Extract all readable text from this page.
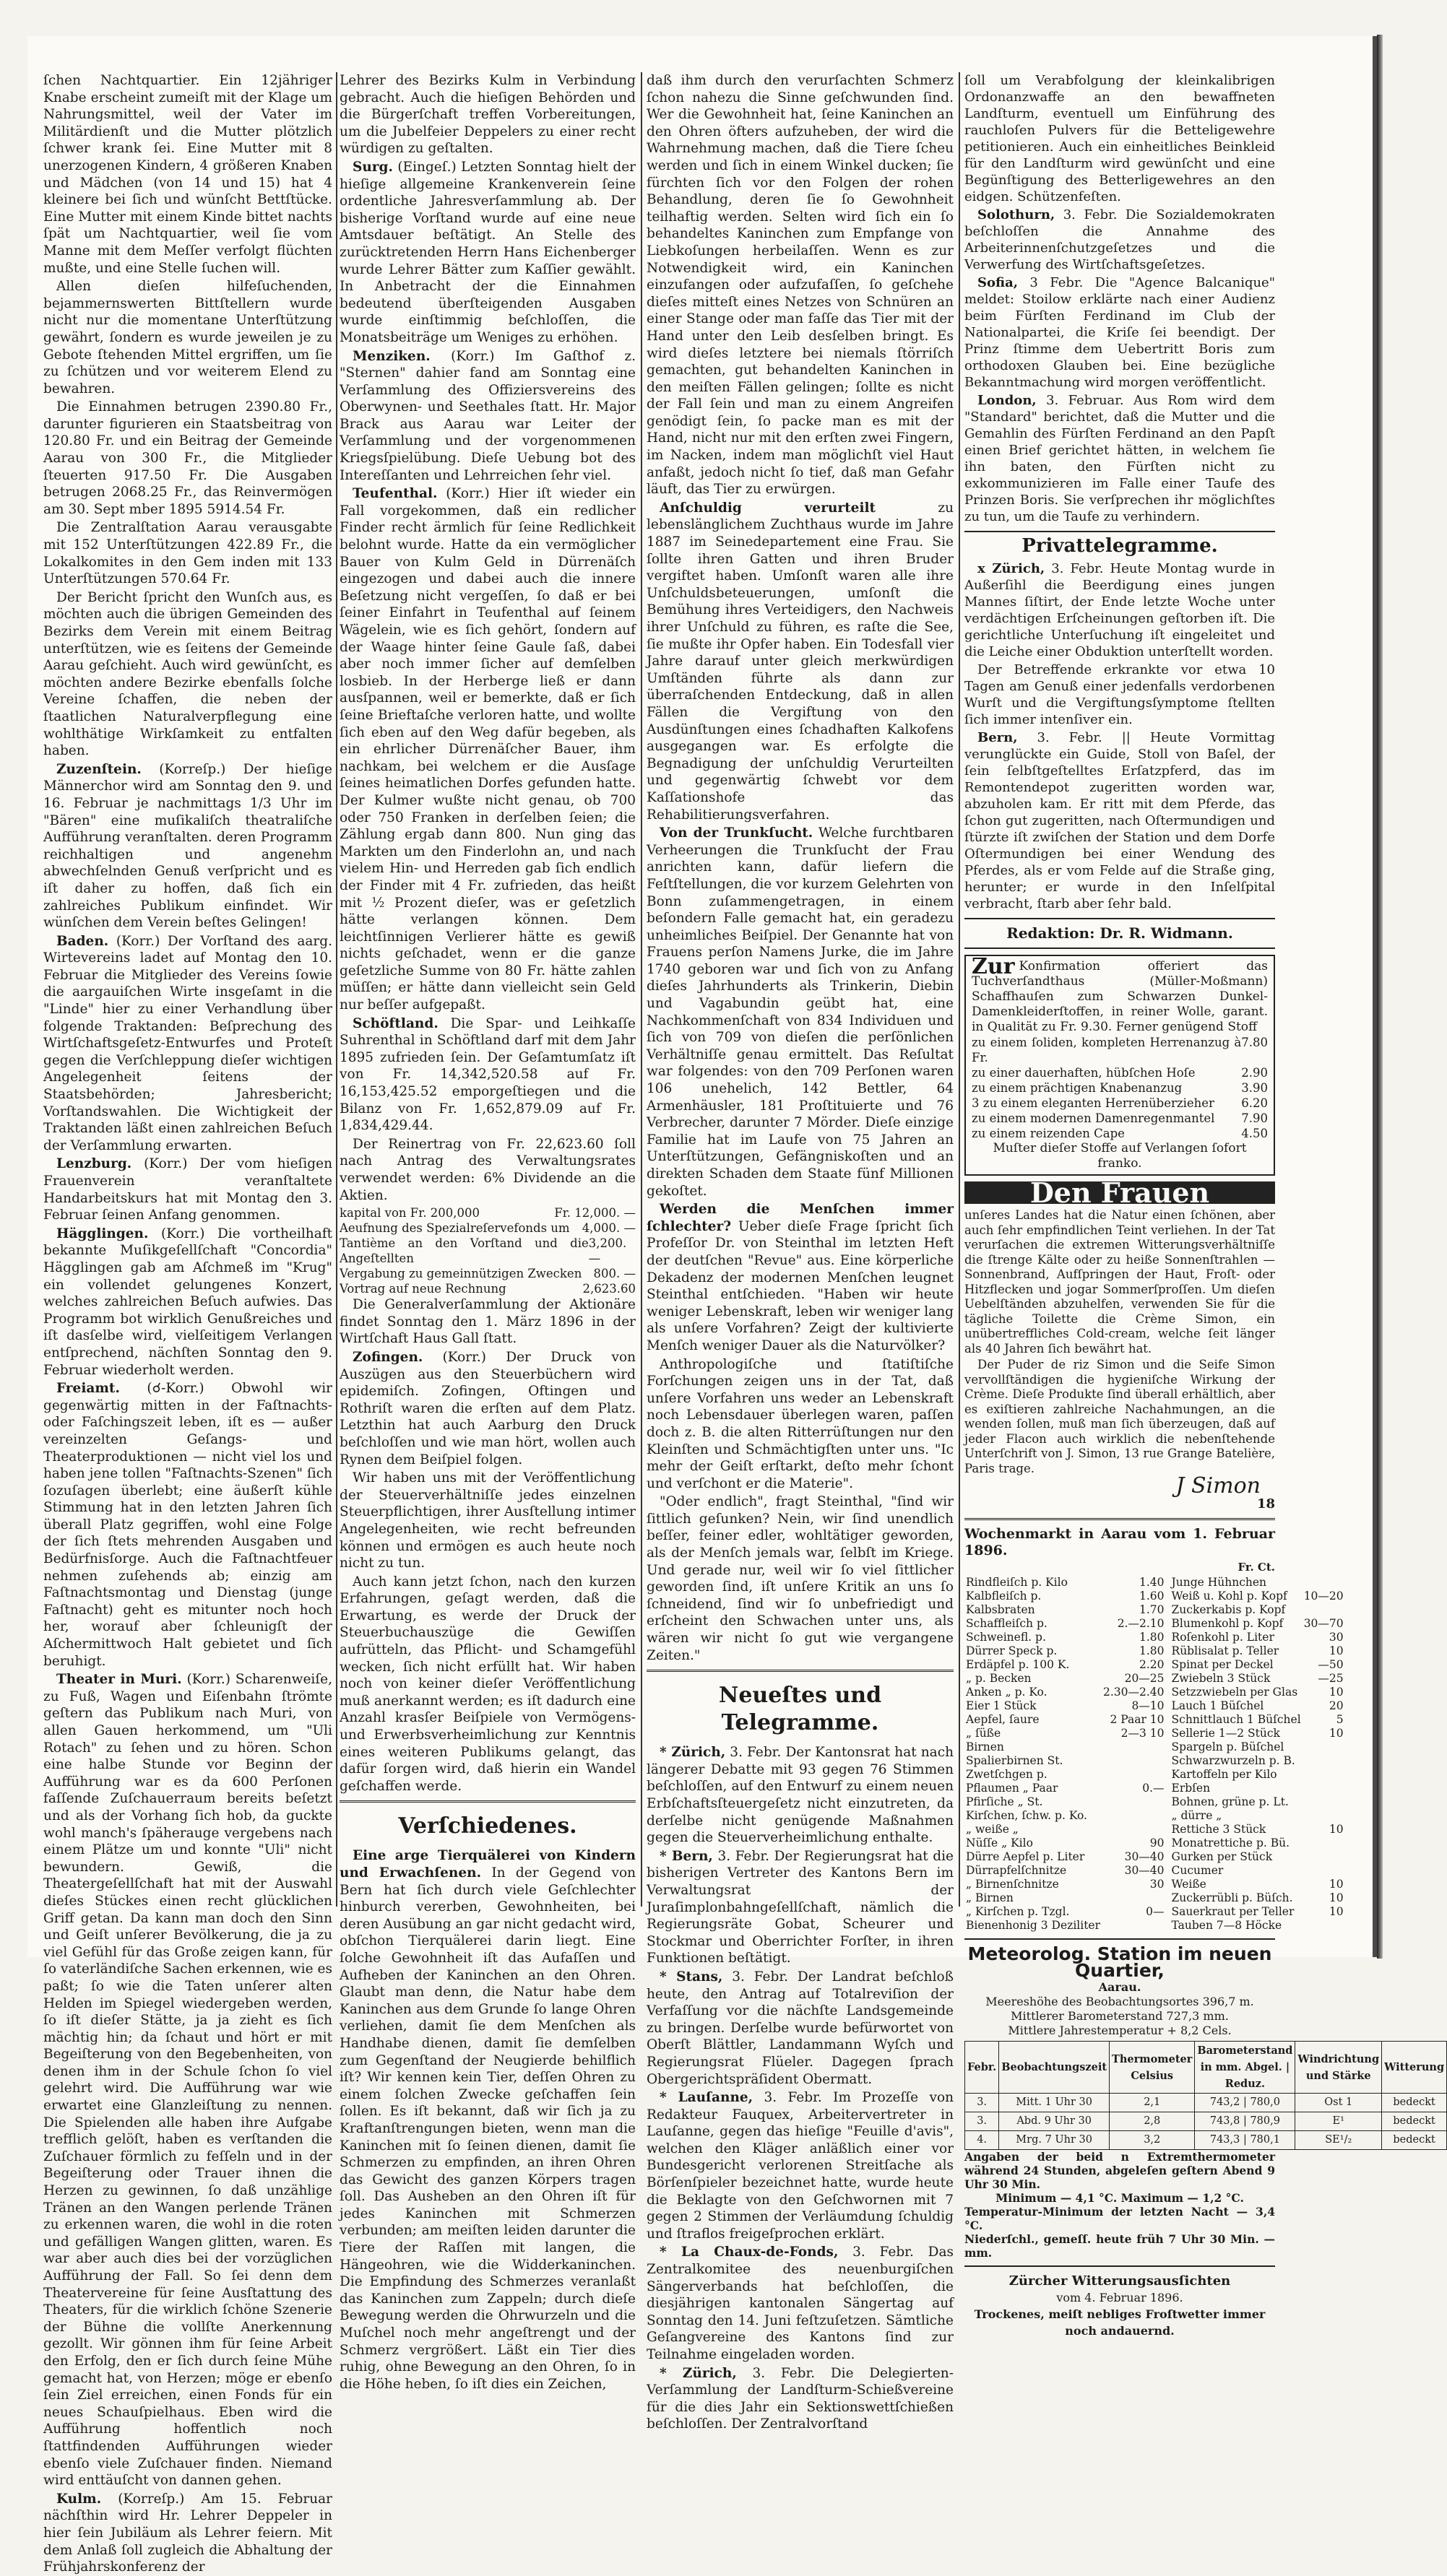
ſchen Nachtquartier. Ein 12jähriger Knabe erscheint zumeiſt mit der Klage um Nahrungsmittel, weil der Vater im Militärdienſt und die Mutter plötzlich ſchwer krank ſei. Eine Mutter mit 8 unerzogenen Kindern, 4 größeren Knaben und Mädchen (von 14 und 15) hat 4 kleinere bei ſich und wünſcht Bettſtücke. Eine Mutter mit einem Kinde bittet nachts ſpät um Nachtquartier, weil ſie vom Manne mit dem Meſſer verfolgt flüchten mußte, und eine Stelle ſuchen will.

Allen dieſen hilfeſuchenden, bejammernswerten Bittſtellern wurde nicht nur die momentane Unterſtützung gewährt, ſondern es wurde jeweilen je zu Gebote ſtehenden Mittel ergriffen, um ſie zu ſchützen und vor weiterem Elend zu bewahren.

Die Einnahmen betrugen 2390.80 Fr., darunter figurieren ein Staatsbeitrag von 120.80 Fr. und ein Beitrag der Gemeinde Aarau von 300 Fr., die Mitglieder ſteuerten 917.50 Fr. Die Ausgaben betrugen 2068.25 Fr., das Reinvermögen am 30. Sept mber 1895 5914.54 Fr.

Die Zentralſtation Aarau verausgabte mit 152 Unterſtützungen 422.89 Fr., die Lokalkomites in den Gem inden mit 133 Unterſtützungen 570.64 Fr.

Der Bericht ſpricht den Wunſch aus, es möchten auch die übrigen Gemeinden des Bezirks dem Verein mit einem Beitrag unterſtützen, wie es ſeitens der Gemeinde Aarau geſchieht. Auch wird gewünſcht, es möchten andere Bezirke ebenfalls ſolche Vereine ſchaffen, die neben der ſtaatlichen Naturalverpflegung eine wohlthätige Wirkſamkeit zu entfalten haben.

Zuzenſtein. (Korreſp.) Der hieſige Männerchor wird am Sonntag den 9. und 16. Februar je nachmittags 1/3 Uhr im "Bären" eine muſikaliſch theatraliſche Aufführung veranſtalten. deren Programm reichhaltigen und angenehm abwechſelnden Genuß verſpricht und es iſt daher zu hoffen, daß ſich ein zahlreiches Publikum einfindet. Wir wünſchen dem Verein beſtes Gelingen!

Baden. (Korr.) Der Vorſtand des aarg. Wirtevereins ladet auf Montag den 10. Februar die Mitglieder des Vereins ſowie die aargauiſchen Wirte insgeſamt in die "Linde" hier zu einer Verhandlung über folgende Traktanden: Beſprechung des Wirtſchaftsgeſetz-Entwurfes und Proteſt gegen die Verſchleppung dieſer wichtigen Angelegenheit ſeitens der Staatsbehörden; Jahresbericht; Vorſtandswahlen. Die Wichtigkeit der Traktanden läßt einen zahlreichen Beſuch der Verſammlung erwarten.

Lenzburg. (Korr.) Der vom hieſigen Frauenverein veranſtaltete Handarbeitskurs hat mit Montag den 3. Februar ſeinen Anfang genommen.

Hägglingen. (Korr.) Die vortheilhaft bekannte Muſikgeſellſchaft "Concordia" Hägglingen gab am Aſchmeß im "Krug" ein vollendet gelungenes Konzert, welches zahlreichen Beſuch aufwies. Das Programm bot wirklich Genußreiches und iſt dasſelbe wird, vielſeitigem Verlangen entſprechend, nächſten Sonntag den 9. Februar wiederholt werden.

Freiamt. (☌-Korr.) Obwohl wir gegenwärtig mitten in der Faſtnachts- oder Faſchingszeit leben, iſt es — außer vereinzelten Geſangs- und Theaterproduktionen — nicht viel los und haben jene tollen "Faſtnachts-Szenen" ſich ſozuſagen überlebt; eine äußerſt kühle Stimmung hat in den letzten Jahren ſich überall Platz gegriffen, wohl eine Folge der ſich ſtets mehrenden Ausgaben und Bedürfnisſorge. Auch die Faſtnachtfeuer nehmen zuſehends ab; einzig am Faſtnachtsmontag und Dienstag (junge Faſtnacht) geht es mitunter noch hoch her, worauf aber ſchleunigſt der Aſchermittwoch Halt gebietet und ſich beruhigt.

Theater in Muri. (Korr.) Scharenweiſe, zu Fuß, Wagen und Eiſenbahn ſtrömte geſtern das Publikum nach Muri, von allen Gauen herkommend, um "Uli Rotach" zu ſehen und zu hören. Schon eine halbe Stunde vor Beginn der Aufführung war es da 600 Perſonen faſſende Zuſchauerraum bereits beſetzt und als der Vorhang ſich hob, da guckte wohl manch's ſpäherauge vergebens nach einem Plätze um und konnte "Uli" nicht bewundern. Gewiß, die Theatergeſellſchaft hat mit der Auswahl dieſes Stückes einen recht glücklichen Griff getan. Da kann man doch den Sinn und Geiſt unſerer Bevölkerung, die ja zu viel Gefühl für das Große zeigen kann, für ſo vaterländiſche Sachen erkennen, wie es paßt; ſo wie die Taten unſerer alten Helden im Spiegel wiedergeben werden, ſo iſt dieſer Stätte, ja ja zieht es ſich mächtig hin; da ſchaut und hört er mit Begeiſterung von den Begebenheiten, von denen ihm in der Schule ſchon ſo viel gelehrt wird. Die Aufführung war wie erwartet eine Glanzleiſtung zu nennen. Die Spielenden alle haben ihre Aufgabe trefflich gelöſt, haben es verſtanden die Zuſchauer förmlich zu feſſeln und in der Begeiſterung oder Trauer ihnen die Herzen zu gewinnen, ſo daß unzählige Tränen an den Wangen perlende Tränen zu erkennen waren, die wohl in die roten und gefälligen Wangen glitten, waren. Es war aber auch dies bei der vorzüglichen Aufführung der Fall. So ſei denn dem Theatervereine für ſeine Ausſtattung des Theaters, für die wirklich ſchöne Szenerie der Bühne die vollſte Anerkennung gezollt. Wir gönnen ihm für ſeine Arbeit den Erfolg, den er ſich durch ſeine Mühe gemacht hat, von Herzen; möge er ebenſo ſein Ziel erreichen, einen Fonds für ein neues Schauſpielhaus. Eben wird die Aufführung hoffentlich noch ſtattfindenden Aufführungen wieder ebenſo viele Zuſchauer finden. Niemand wird enttäuſcht von dannen gehen.

Kulm. (Korreſp.) Am 15. Februar nächſthin wird Hr. Lehrer Deppeler in hier ſein Jubiläum als Lehrer feiern. Mit dem Anlaß ſoll zugleich die Abhaltung der Frühjahrskonferenz der

Lehrer des Bezirks Kulm in Verbindung gebracht. Auch die hieſigen Behörden und die Bürgerſchaft treffen Vorbereitungen, um die Jubelfeier Deppelers zu einer recht würdigen zu geſtalten.

Surg. (Eingeſ.) Letzten Sonntag hielt der hieſige allgemeine Krankenverein ſeine ordentliche Jahresverſammlung ab. Der bisherige Vorſtand wurde auf eine neue Amtsdauer beſtätigt. An Stelle des zurücktretenden Herrn Hans Eichenberger wurde Lehrer Bätter zum Kaſſier gewählt. In Anbetracht der die Einnahmen bedeutend überſteigenden Ausgaben wurde einſtimmig beſchloſſen, die Monatsbeiträge um Weniges zu erhöhen.

Menziken. (Korr.) Im Gaſthof z. "Sternen" dahier fand am Sonntag eine Verſammlung des Offiziersvereins des Oberwynen- und Seethales ſtatt. Hr. Major Brack aus Aarau war Leiter der Verſammlung und der vorgenommenen Kriegsſpielübung. Dieſe Uebung bot des Intereſſanten und Lehrreichen ſehr viel.

Teufenthal. (Korr.) Hier iſt wieder ein Fall vorgekommen, daß ein redlicher Finder recht ärmlich für ſeine Redlichkeit belohnt wurde. Hatte da ein vermöglicher Bauer von Kulm Geld in Dürrenäſch eingezogen und dabei auch die innere Beſetzung nicht vergeſſen, ſo daß er bei ſeiner Einfahrt in Teufenthal auf ſeinem Wägelein, wie es ſich gehört, ſondern auf der Waage hinter ſeine Gaule ſaß, dabei aber noch immer ſicher auf demſelben losbieb. In der Herberge ließ er dann ausſpannen, weil er bemerkte, daß er ſich ſeine Brieftaſche verloren hatte, und wollte ſich eben auf den Weg dafür begeben, als ein ehrlicher Dürrenäſcher Bauer, ihm nachkam, bei welchem er die Ausſage ſeines heimatlichen Dorfes gefunden hatte. Der Kulmer wußte nicht genau, ob 700 oder 750 Franken in derſelben ſeien; die Zählung ergab dann 800. Nun ging das Markten um den Finderlohn an, und nach vielem Hin- und Herreden gab ſich endlich der Finder mit 4 Fr. zufrieden, das heißt mit ½ Prozent dieſer, was er geſetzlich hätte verlangen können. Dem leichtſinnigen Verlierer hätte es gewiß nichts geſchadet, wenn er die ganze geſetzliche Summe von 80 Fr. hätte zahlen müſſen; er hätte dann vielleicht sein Geld nur beſſer aufgepaßt.

Schöftland. Die Spar- und Leihkaſſe Suhrenthal in Schöftland darf mit dem Jahr 1895 zufrieden ſein. Der Geſamtumſatz iſt von Fr. 14,342,520.58 auf Fr. 16,153,425.52 emporgeſtiegen und die Bilanz von Fr. 1,652,879.09 auf Fr. 1,834,429.44.

Der Reinertrag von Fr. 22,623.60 ſoll nach Antrag des Verwaltungsrates verwendet werden: 6% Dividende an die Aktien.

kapital von Fr. 200,000	Fr. 12,000. —
Aeufnung des Spezialreſervefonds um 4,000. —
Tantième an den Vorſtand und die Angeſtellten
3,200. —
Vergabung zu gemeinnützigen Zwecken 800. —
Vortrag auf neue Rechnung	2,623.60

Die Generalverſammlung der Aktionäre findet Sonntag den 1. März 1896 in der Wirtſchaft Haus Gall ſtatt.

Zofingen. (Korr.) Der Druck von Auszügen aus den Steuerbüchern wird epidemiſch. Zofingen, Oftingen und Rothriſt waren die erſten auf dem Platz. Letzthin hat auch Aarburg den Druck beſchloſſen und wie man hört, wollen auch Rynen dem Beiſpiel folgen.

Wir haben uns mit der Veröffentlichung der Steuerverhältniſſe jedes einzelnen Steuerpflichtigen, ihrer Ausſtellung intimer Angelegenheiten, wie recht befreunden können und ermögen es auch heute noch nicht zu tun.

Auch kann jetzt ſchon, nach den kurzen Erfahrungen, geſagt werden, daß die Erwartung, es werde der Druck der Steuerbuchauszüge die Gewiſſen aufrütteln, das Pflicht- und Schamgefühl wecken, ſich nicht erfüllt hat. Wir haben noch von keiner dieſer Veröffentlichung muß anerkannt werden; es iſt dadurch eine Anzahl krasſer Beiſpiele von Vermögens- und Erwerbsverheimlichung zur Kenntnis eines weiteren Publikums gelangt, das dafür ſorgen wird, daß hierin ein Wandel geſchaffen werde.

Verſchiedenes.

Eine arge Tierquälerei von Kindern und Erwachſenen. In der Gegend von Bern hat ſich durch viele Geſchlechter hinburch vererben, Gewohnheiten, bei deren Ausübung an gar nicht gedacht wird, obſchon Tierquälerei darin liegt. Eine ſolche Gewohnheit iſt das Aufaſſen und Aufheben der Kaninchen an den Ohren. Glaubt man denn, die Natur habe dem Kaninchen aus dem Grunde ſo lange Ohren verliehen, damit ſie dem Menſchen als Handhabe dienen, damit ſie demſelben zum Gegenſtand der Neugierde behilflich iſt? Wir kennen kein Tier, deſſen Ohren zu einem ſolchen Zwecke geſchaffen ſein ſollen. Es iſt bekannt, daß wir ſich ja zu Kraftanſtrengungen bieten, wenn man die Kaninchen mit ſo ſeinen dienen, damit ſie Schmerzen zu empfinden, an ihren Ohren das Gewicht des ganzen Körpers tragen ſoll. Das Ausheben an den Ohren iſt für jedes Kaninchen mit Schmerzen verbunden; am meiſten leiden darunter die Tiere der Raſſen mit langen, die Hängeohren, wie die Widderkaninchen. Die Empfindung des Schmerzes veranlaßt das Kaninchen zum Zappeln; durch dieſe Bewegung werden die Ohrwurzeln und die Muſchel noch mehr angeſtrengt und der Schmerz vergrößert. Läßt ein Tier dies ruhig, ohne Bewegung an den Ohren, ſo in die Höhe heben, ſo iſt dies ein Zeichen,

daß ihm durch den verurſachten Schmerz ſchon nahezu die Sinne geſchwunden ſind. Wer die Gewohnheit hat, ſeine Kaninchen an den Ohren öfters aufzuheben, der wird die Wahrnehmung machen, daß die Tiere ſcheu werden und ſich in einem Winkel ducken; ſie fürchten ſich vor den Folgen der rohen Behandlung, deren ſie ſo Gewohnheit teilhaftig werden. Selten wird ſich ein ſo behandeltes Kaninchen zum Empfange von Liebkoſungen herbeilaſſen. Wenn es zur Notwendigkeit wird, ein Kaninchen einzufangen oder aufzufaſſen, ſo geſchehe dieſes mitteſt eines Netzes von Schnüren an einer Stange oder man faſſe das Tier mit der Hand unter den Leib desſelben bringt. Es wird dieſes letztere bei niemals ſtörriſch gemachten, gut behandelten Kaninchen in den meiſten Fällen gelingen; ſollte es nicht der Fall ſein und man zu einem Angreifen genödigt ſein, ſo packe man es mit der Hand, nicht nur mit den erſten zwei Fingern, im Nacken, indem man möglichſt viel Haut anfaßt, jedoch nicht ſo tief, daß man Gefahr läuft, das Tier zu erwürgen.

Anſchuldig verurteilt zu lebenslänglichem Zuchthaus wurde im Jahre 1887 im Seinedepartement eine Frau. Sie ſollte ihren Gatten und ihren Bruder vergiftet haben. Umſonſt waren alle ihre Unſchuldsbeteuerungen, umſonſt die Bemühung ihres Verteidigers, den Nachweis ihrer Unſchuld zu führen, es raſte die See, ſie mußte ihr Opfer haben. Ein Todesfall vier Jahre darauf unter gleich merkwürdigen Umſtänden führte als dann zur überraſchenden Entdeckung, daß in allen Fällen die Vergiftung von den Ausdünſtungen eines ſchadhaften Kalkofens ausgegangen war. Es erfolgte die Begnadigung der unſchuldig Verurteilten und gegenwärtig ſchwebt vor dem Kaſſationshofe das Rehabilitierungsverfahren.

Von der Trunkſucht. Welche furchtbaren Verheerungen die Trunkſucht der Frau anrichten kann, dafür liefern die Feſtſtellungen, die vor kurzem Gelehrten von Bonn zuſammengetragen, in einem beſondern Falle gemacht hat, ein geradezu unheimliches Beiſpiel. Der Genannte hat von Frauens perſon Namens Jurke, die im Jahre 1740 geboren war und ſich von zu Anfang dieſes Jahrhunderts als Trinkerin, Diebin und Vagabundin geübt hat, eine Nachkommenſchaft von 834 Individuen und ſich von 709 von dieſen die perſönlichen Verhältniſſe genau ermittelt. Das Reſultat war folgendes: von den 709 Perſonen waren 106 unehelich, 142 Bettler, 64 Armenhäusler, 181 Proſtituierte und 76 Verbrecher, darunter 7 Mörder. Dieſe einzige Familie hat im Laufe von 75 Jahren an Unterſtützungen, Gefängniskoſten und an direkten Schaden dem Staate fünf Millionen gekoſtet.

Werden die Menſchen immer ſchlechter? Ueber dieſe Frage ſpricht ſich Profeſſor Dr. von Steinthal im letzten Heft der deutſchen "Revue" aus. Eine körperliche Dekadenz der modernen Menſchen leugnet Steinthal entſchieden. "Haben wir heute weniger Lebenskraft, leben wir weniger lang als unſere Vorfahren? Zeigt der kultivierte Menſch weniger Dauer als die Naturvölker?

Anthropologiſche und ſtatiſtiſche Forſchungen zeigen uns in der Tat, daß unſere Vorfahren uns weder an Lebenskraft noch Lebensdauer überlegen waren, paſſen doch z. B. die alten Ritterrüſtungen nur den Kleinſten und Schmächtigſten unter uns. "Ic mehr der Geiſt erſtarkt, deſto mehr ſchont und verſchont er die Materie".

"Oder endlich", fragt Steinthal, "ſind wir ſittlich geſunken? Nein, wir ſind unendlich beſſer, feiner edler, wohltätiger geworden, als der Menſch jemals war, ſelbſt im Kriege. Und gerade nur, weil wir ſo viel ſittlicher geworden ſind, iſt unſere Kritik an uns ſo ſchneidend, ſind wir ſo unbefriedigt und erſcheint den Schwachen unter uns, als wären wir nicht ſo gut wie vergangene Zeiten."

Neueſtes und Telegramme.

* Zürich, 3. Febr. Der Kantonsrat hat nach längerer Debatte mit 93 gegen 76 Stimmen beſchloſſen, auf den Entwurf zu einem neuen Erbſchaftsſteuergeſetz nicht einzutreten, da derſelbe nicht genügende Maßnahmen gegen die Steuerverheimlichung enthalte.

* Bern, 3. Febr. Der Regierungsrat hat die bisherigen Vertreter des Kantons Bern im Verwaltungsrat der Juraſimplonbahngeſellſchaft, nämlich die Regierungsräte Gobat, Scheurer und Stockmar und Oberrichter Forſter, in ihren Funktionen beſtätigt.

* Stans, 3. Febr. Der Landrat beſchloß heute, den Antrag auf Totalreviſion der Verfaſſung vor die nächſte Landsgemeinde zu bringen. Derſelbe wurde befürwortet von Oberſt Blättler, Landammann Wyſch und Regierungsrat Flüeler. Dagegen ſprach Obergerichtspräſident Obermatt.

* Lauſanne, 3. Febr. Im Prozeſſe von Redakteur Fauquex, Arbeitervertreter in Lauſanne, gegen das hieſige "Feuille d'avis", welchen den Kläger anläßlich einer vor Bundesgericht verlorenen Streitſache als Börſenſpieler bezeichnet hatte, wurde heute die Beklagte von den Geſchwornen mit 7 gegen 2 Stimmen der Verläumdung ſchuldig und ſtraflos freigeſprochen erklärt.

* La Chaux-de-Fonds, 3. Febr. Das Zentralkomitee des neuenburgiſchen Sängerverbands hat beſchloſſen, die diesjährigen kantonalen Sängertag auf Sonntag den 14. Juni feſtzuſetzen. Sämtliche Geſangvereine des Kantons ſind zur Teilnahme eingeladen worden.

* Zürich, 3. Febr. Die Delegierten-Verſammlung der Landſturm-Schießvereine für die dies Jahr ein Sektionswettſchießen beſchloſſen. Der Zentralvorſtand

ſoll um Verabfolgung der kleinkalibrigen Ordonanzwaffe an den bewaffneten Landſturm, eventuell um Einführung des rauchloſen Pulvers für die Betteligewehre petitionieren. Auch ein einheitliches Beinkleid für den Landſturm wird gewünſcht und eine Begünſtigung des Betterligewehres an den eidgen. Schützenfeſten.

Solothurn, 3. Febr. Die Sozialdemokraten beſchloſſen die Annahme des Arbeiterinnenſchutzgeſetzes und die Verwerfung des Wirtſchaftsgeſetzes.

Sofia, 3 Febr. Die "Agence Balcanique" meldet: Stoilow erklärte nach einer Audienz beim Fürſten Ferdinand im Club der Nationalpartei, die Kriſe ſei beendigt. Der Prinz ſtimme dem Uebertritt Boris zum orthodoxen Glauben bei. Eine bezügliche Bekanntmachung wird morgen veröffentlicht.

London, 3. Februar. Aus Rom wird dem "Standard" berichtet, daß die Mutter und die Gemahlin des Fürſten Ferdinand an den Papſt einen Brief gerichtet hätten, in welchem ſie ihn baten, den Fürſten nicht zu exkommunizieren im Falle einer Taufe des Prinzen Boris. Sie verſprechen ihr möglichſtes zu tun, um die Taufe zu verhindern.

Privattelegramme.

x Zürich, 3. Febr. Heute Montag wurde in Außerſihl die Beerdigung eines jungen Mannes ſiſtirt, der Ende letzte Woche unter verdächtigen Erſcheinungen geſtorben iſt. Die gerichtliche Unterſuchung iſt eingeleitet und die Leiche einer Obduktion unterſtellt worden.

Der Betreffende erkrankte vor etwa 10 Tagen am Genuß einer jedenfalls verdorbenen Wurſt und die Vergiftungsſymptome ſtellten ſich immer intenſiver ein.

Bern, 3. Febr. || Heute Vormittag verunglückte ein Guide, Stoll von Baſel, der ſein ſelbſtgeſtelltes Erſatzpferd, das im Remontendepot zugeritten worden war, abzuholen kam. Er ritt mit dem Pferde, das ſchon gut zugeritten, nach Oſtermundigen und ſtürzte iſt zwiſchen der Station und dem Dorfe Oſtermundigen bei einer Wendung des Pferdes, als er vom Felde auf die Straße ging, herunter; er wurde in den Inſelſpital verbracht, ſtarb aber ſehr bald.

Redaktion: Dr. R. Widmann.
Zur Konfirmation offeriert das Tuchverſandthaus (Müller-Moßmann) Schaffhauſen zum Schwarzen Dunkel-Damenkleiderſtoffen, in reiner Wolle, garant. in Qualität zu Fr. 9.30. Ferner genügend Stoff
zu einem ſoliden, kompleten Herrenanzug à Fr.
7.80
zu einer dauerhaften, hübſchen Hoſe	2.90
zu einem prächtigen Knabenanzug	3.90
3 zu einem eleganten Herrenüberzieher 6.20
zu einem modernen Damenregenmantel 7.90
zu einem reizenden Cape	4.50
Muſter dieſer Stoffe auf Verlangen ſofort franko.
Den Frauen

unſeres Landes hat die Natur einen ſchönen, aber auch ſehr empfindlichen Teint verliehen. In der Tat verurſachen die extremen Witterungsverhältniſſe die ſtrenge Kälte oder zu heiße Sonnenſtrahlen — Sonnenbrand, Aufſpringen der Haut, Froſt- oder Hitzflecken und jogar Sommerſproſſen. Um dieſen Uebelſtänden abzuhelfen, verwenden Sie für die tägliche Toilette die Crème Simon, ein unübertreffliches Cold-cream, welche ſeit länger als 40 Jahren ſich bewährt hat.

Der Puder de riz Simon und die Seife Simon vervollſtändigen die hygieniſche Wirkung der Crème. Dieſe Produkte ſind überall erhältlich, aber es exiſtieren zahlreiche Nachahmungen, an die wenden ſollen, muß man ſich überzeugen, daß auf jeder Flacon auch wirklich die nebenſtehende Unterſchrift von J. Simon, 13 rue Grange Batelière, Paris trage.

J Simon
18
Wochenmarkt in Aarau vom 1. Februar 1896.
Fr. Ct.
Rindfleiſch p. Kilo	1.40
Kalbfleiſch p.	1.60
Kalbsbraten	1.70
Schaffleiſch p.	2.—2.10
Schweinefl. p.	1.80
Dürrer Speck p.	1.80
Erdäpfel p. 100 K.	2.20
„ p. Becken	20—25
Anken „ p. Ko.	2.30—2.40
Eier 1 Stück	8—10
Aepfel, ſaure	2 Paar 10
„ ſüße	2—3 10
Birnen	
Spalierbirnen St.	
Zwetſchgen p.	
Pflaumen „ Paar	0.—
Pfirſiche „ St.	
Kirſchen, ſchw. p. Ko.	
„ weiße „	
Nüſſe „ Kilo	90
Dürre Aepfel p. Liter	30—40
Dürrapfelſchnitze	30—40
„ Birnenſchnitze	30
„ Birnen	
„ Kirſchen p. Tzgl.	0—
Bienenhonig 3 Deziliter	
Junge Hühnchen	
Weiß u. Kohl p. Kopf	10—20
Zuckerkabis p. Kopf	
Blumenkohl p. Kopf	30—70
Roſenkohl p. Liter	30
Rüblisalat p. Teller	10
Spinat per Deckel	—50
Zwiebeln 3 Stück	—25
Setzzwiebeln per Glas	10
Lauch 1 Büſchel	20
Schnittlauch 1 Büſchel	5
Sellerie 1—2 Stück	10
Spargeln p. Büſchel	
Schwarzwurzeln p. B.	
Kartoffeln per Kilo	
Erbſen	
Bohnen, grüne p. Lt.	
„ dürre „	
Rettiche 3 Stück	10
Monatrettiche p. Bü.	
Gurken per Stück	
Cucumer	
Weiße	10
Zuckerrübli p. Büſch.	10
Sauerkraut per Teller	10
Tauben 7—8 Höcke	
Meteorolog. Station im neuen Quartier,
Aarau.
Meereshöhe des Beobachtungsortes 396,7 m.
Mittlerer Barometerstand 727,3 mm.
Mittlere Jahrestemperatur + 8,2 Cels.
Febr.	Beobachtungszeit	Thermometer Celsius	Barometerstand in mm. Abgel. | Reduz.	Windrichtung und Stärke	Witterung
3.	Mitt. 1 Uhr 30	2,1	743,2 | 780,0	Ost 1	bedeckt
3.	Abd. 9 Uhr 30	2,8	743,8 | 780,9	E¹	bedeckt
4.	Mrg. 7 Uhr 30	3,2	743,3 | 780,1	SE¹/₂	bedeckt
Angaben der beid n Extremthermometer während 24 Stunden, abgeleſen geſtern Abend 9 Uhr 30 Min.
Minimum — 4,1 °C. Maximum — 1,2 °C.
Temperatur-Minimum der letzten Nacht — 3,4 °C.
Niederſchl., gemeſſ. heute früh 7 Uhr 30 Min. — mm.
Zürcher Witterungsausſichten
vom 4. Februar 1896.
Trockenes, meiſt nebliges Froſtwetter immer noch andauernd.
